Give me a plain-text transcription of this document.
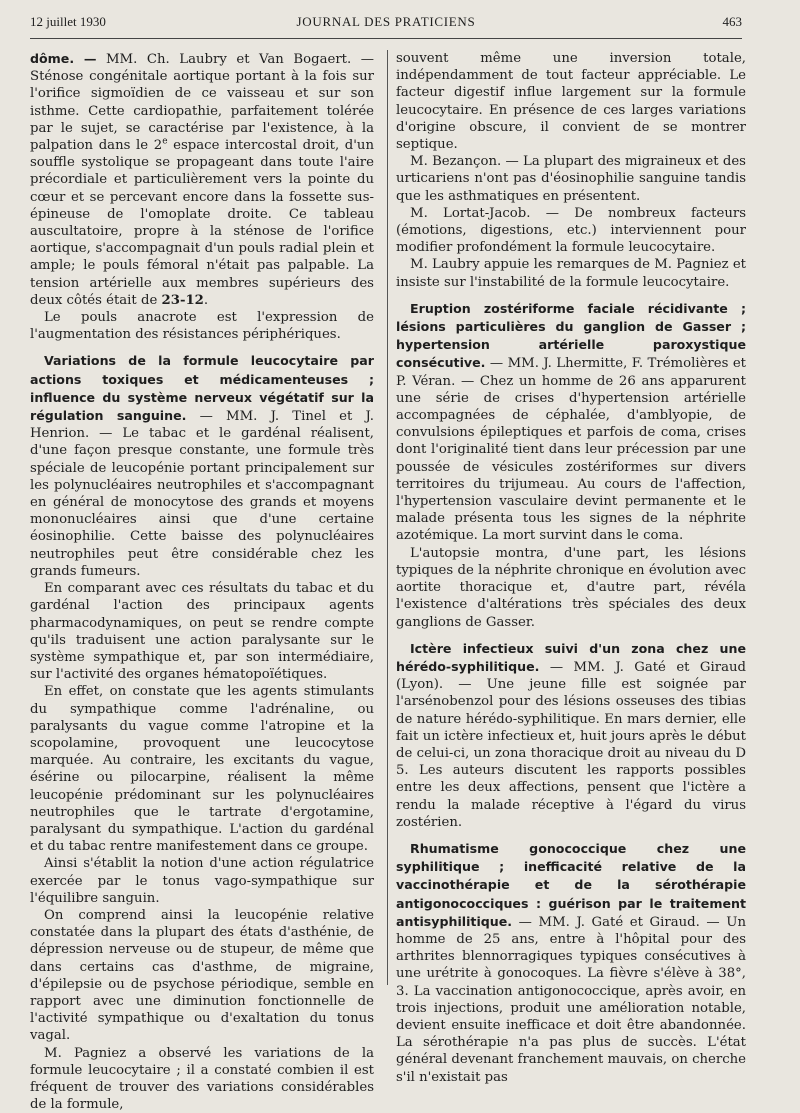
12 juillet 1930	JOURNAL DES PRATICIENS	463

dôme. — MM. Ch. Laubry et Van Bogaert. — Sténose congénitale aortique portant à la fois sur l'orifice sigmoïdien de ce vaisseau et sur son isthme. Cette cardiopathie, parfaitement tolérée par le sujet, se caractérise par l'existence, à la palpation dans le 2e espace intercostal droit, d'un souffle systolique se propageant dans toute l'aire précordiale et particulièrement vers la pointe du cœur et se percevant encore dans la fossette sus-épineuse de l'omoplate droite. Ce tableau auscultatoire, propre à la sténose de l'orifice aortique, s'accompagnait d'un pouls radial plein et ample; le pouls fémoral n'était pas palpable. La tension artérielle aux membres supérieurs des deux côtés était de 23-12.

Le pouls anacrote est l'expression de l'augmentation des résistances périphériques.

Variations de la formule leucocytaire par actions toxiques et médicamenteuses ; influence du système nerveux végétatif sur la régulation sanguine. — MM. J. Tinel et J. Henrion. — Le tabac et le gardénal réalisent, d'une façon presque constante, une formule très spéciale de leucopénie portant principalement sur les polynucléaires neutrophiles et s'accompagnant en général de monocytose des grands et moyens mononucléaires ainsi que d'une certaine éosinophilie. Cette baisse des polynucléaires neutrophiles peut être considérable chez les grands fumeurs.

En comparant avec ces résultats du tabac et du gardénal l'action des principaux agents pharmacodynamiques, on peut se rendre compte qu'ils traduisent une action paralysante sur le système sympathique et, par son intermédiaire, sur l'activité des organes hématopoïétiques.

En effet, on constate que les agents stimulants du sympathique comme l'adrénaline, ou paralysants du vague comme l'atropine et la scopolamine, provoquent une leucocytose marquée. Au contraire, les excitants du vague, ésérine ou pilocarpine, réalisent la même leucopénie prédominant sur les polynucléaires neutrophiles que le tartrate d'ergotamine, paralysant du sympathique. L'action du gardénal et du tabac rentre manifestement dans ce groupe.

Ainsi s'établit la notion d'une action régulatrice exercée par le tonus vago-sympathique sur l'équilibre sanguin.

On comprend ainsi la leucopénie relative constatée dans la plupart des états d'asthénie, de dépression nerveuse ou de stupeur, de même que dans certains cas d'asthme, de migraine, d'épilepsie ou de psychose périodique, semble en rapport avec une diminution fonctionnelle de l'activité sympathique ou d'exaltation du tonus vagal.

M. Pagniez a observé les variations de la formule leucocytaire ; il a constaté combien il est fréquent de trouver des variations considérables de la formule,

souvent même une inversion totale, indépendamment de tout facteur appréciable. Le facteur digestif influe largement sur la formule leucocytaire. En présence de ces larges variations d'origine obscure, il convient de se montrer septique.

M. Bezançon. — La plupart des migraineux et des urticariens n'ont pas d'éosinophilie sanguine tandis que les asthmatiques en présentent.

M. Lortat-Jacob. — De nombreux facteurs (émotions, digestions, etc.) interviennent pour modifier profondément la formule leucocytaire.

M. Laubry appuie les remarques de M. Pagniez et insiste sur l'instabilité de la formule leucocytaire.

Eruption zostériforme faciale récidivante ; lésions particulières du ganglion de Gasser ; hypertension artérielle paroxystique consécutive. — MM. J. Lhermitte, F. Trémolières et P. Véran. — Chez un homme de 26 ans apparurent une série de crises d'hypertension artérielle accompagnées de céphalée, d'amblyopie, de convulsions épileptiques et parfois de coma, crises dont l'originalité tient dans leur précession par une poussée de vésicules zostériformes sur divers territoires du trijumeau. Au cours de l'affection, l'hypertension vasculaire devint permanente et le malade présenta tous les signes de la néphrite azotémique. La mort survint dans le coma.

L'autopsie montra, d'une part, les lésions typiques de la néphrite chronique en évolution avec aortite thoracique et, d'autre part, révéla l'existence d'altérations très spéciales des deux ganglions de Gasser.

Ictère infectieux suivi d'un zona chez une hérédo-syphilitique. — MM. J. Gaté et Giraud (Lyon). — Une jeune fille est soignée par l'arsénobenzol pour des lésions osseuses des tibias de nature hérédo-syphilitique. En mars dernier, elle fait un ictère infectieux et, huit jours après le début de celui-ci, un zona thoracique droit au niveau du D 5. Les auteurs discutent les rapports possibles entre les deux affections, pensent que l'ictère a rendu la malade réceptive à l'égard du virus zostérien.

Rhumatisme gonococcique chez une syphilitique ; inefficacité relative de la vaccinothérapie et de la sérothérapie antigonococciques : guérison par le traitement antisyphilitique. — MM. J. Gaté et Giraud. — Un homme de 25 ans, entre à l'hôpital pour des arthrites blennorragiques typiques consécutives à une urétrite à gonocoques. La fièvre s'élève à 38°, 3. La vaccination antigonococcique, après avoir, en trois injections, produit une amélioration notable, devient ensuite inefficace et doit être abandonnée. La sérothérapie n'a pas plus de succès. L'état général devenant franchement mauvais, on cherche s'il n'existait pas
